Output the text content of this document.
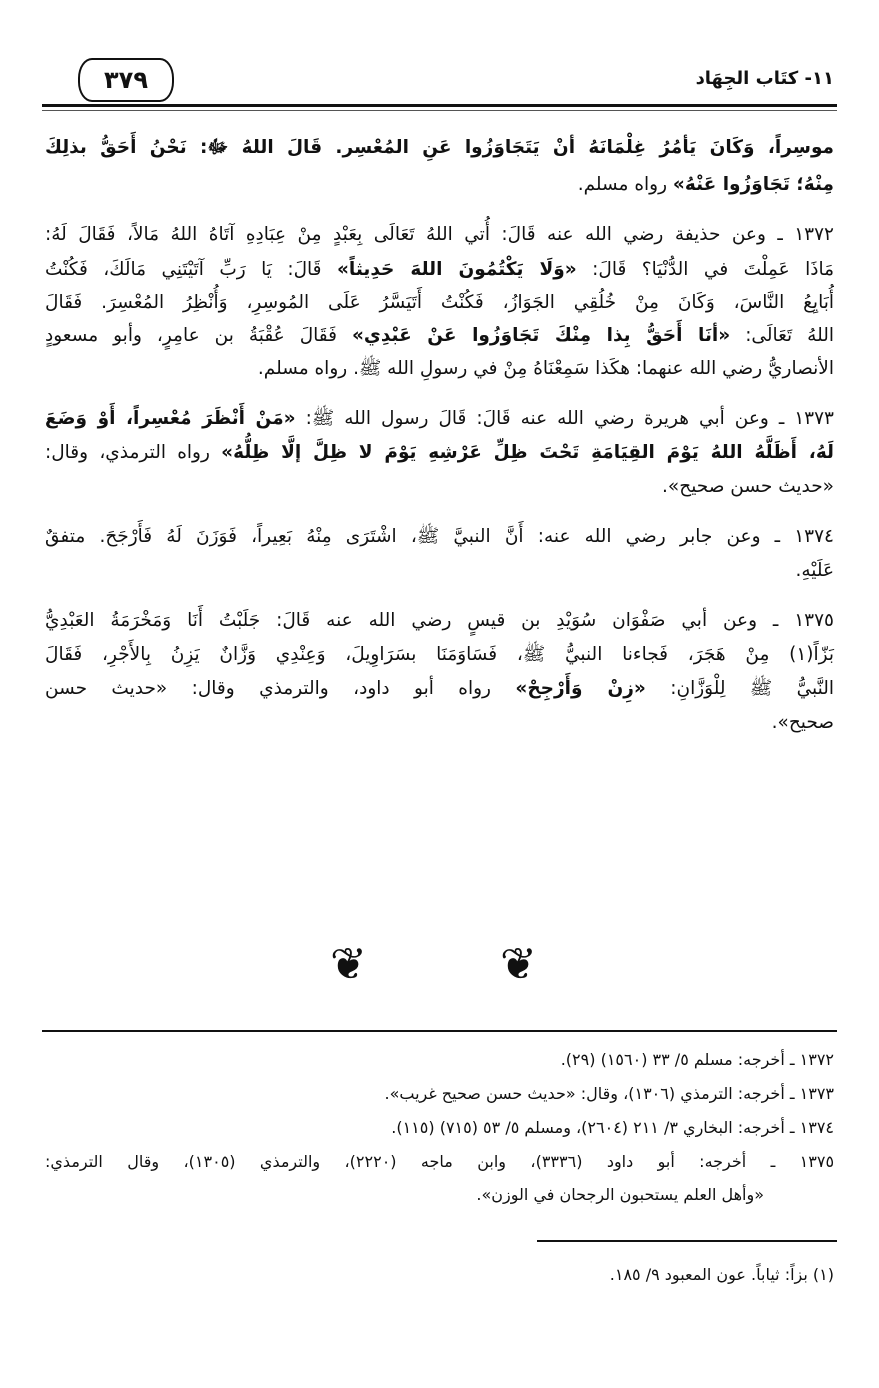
٣٧٩	١١- كتَاب الجِهَاد
موسِراً، وَكَانَ يَأمُرُ غِلْمَانَهُ أنْ يَتَجَاوَزُوا عَنِ المُعْسِر. قَالَ اللهُ ﷻ: نَحْنُ أَحَقُّ بذلِكَ
مِنْهُ؛ تَجَاوَزُوا عَنْهُ» رواه مسلم.
١٣٧٢ ـ وعن حذيفة رضي الله عنه قَالَ: أُتي اللهُ تَعَالَى بِعَبْدٍ مِنْ عِبَادِهِ آتَاهُ اللهُ مَالاً، فَقَالَ لَهُ:
مَاذَا عَمِلْتَ في الدُّنْيَا؟ قَالَ: «وَلَا يَكْتُمُونَ اللهَ حَدِيثاً» قَالَ: يَا رَبِّ آتَيْتَنِي مَالَكَ، فَكُنْتُ
أُبَايِعُ النَّاسَ، وَكَانَ مِنْ خُلُقِي الجَوَازُ، فَكُنْتُ أَتَيَسَّرُ عَلَى المُوسِرِ، وَأُنْظِرُ المُعْسِرَ. فَقَالَ
اللهُ تَعَالَى: «أنَا أَحَقُّ بِذا مِنْكَ تَجَاوَزُوا عَنْ عَبْدِي» فَقَالَ عُقْبَةُ بن عامِرٍ، وأبو مسعودٍ
الأنصاريُّ رضي الله عنهما: هكَذا سَمِعْنَاهُ مِنْ في رسولِ الله ﷺ. رواه مسلم.
١٣٧٣ ـ وعن أبي هريرة رضي الله عنه قَالَ: قَالَ رسول الله ﷺ: «مَنْ أَنْظَرَ مُعْسِراً، أَوْ وَضَعَ
لَهُ، أَظَلَّهُ اللهُ يَوْمَ القِيَامَةِ تَحْتَ ظِلِّ عَرْشِهِ يَوْمَ لا ظِلَّ إلَّا ظِلُّهُ» رواه الترمذي، وقال:
«حديث حسن صحيح».
١٣٧٤ ـ وعن جابر رضي الله عنه: أَنَّ النبيَّ ﷺ، اشْتَرَى مِنْهُ بَعِيراً، فَوَزَنَ لَهُ فَأَرْجَحَ. متفقٌ
عَلَيْهِ.
١٣٧٥ ـ وعن أبي صَفْوَان سُوَيْدِ بن قيسٍ رضي الله عنه قَالَ: جَلَبْتُ أَنَا وَمَخْرَمَةُ العَبْدِيُّ
بَزّاً(١) مِنْ هَجَرَ، فَجاءنا النبيُّ ﷺ، فَسَاوَمَنَا بسَرَاوِيلَ، وَعِنْدِي وَزَّانٌ يَزِنُ بِالأَجْرِ، فَقَالَ
النَّبيُّ ﷺ لِلْوَزَّانِ: «زِنْ وَأَرْجِحْ» رواه أبو داود، والترمذي وقال: «حديث حسن
صحيح».
❦	❦
١٣٧٢ ـ أخرجه: مسلم ٥/ ٣٣ (١٥٦٠) (٢٩).
١٣٧٣ ـ أخرجه: الترمذي (١٣٠٦)، وقال: «حديث حسن صحيح غريب».
١٣٧٤ ـ أخرجه: البخاري ٣/ ٢١١ (٢٦٠٤)، ومسلم ٥/ ٥٣ (٧١٥) (١١٥).
١٣٧٥ ـ أخرجه: أبو داود (٣٣٣٦)، وابن ماجه (٢٢٢٠)، والترمذي (١٣٠٥)، وقال الترمذي:
«وأهل العلم يستحبون الرجحان في الوزن».
(١) بزاً: ثياباً. عون المعبود ٩/ ١٨٥.
